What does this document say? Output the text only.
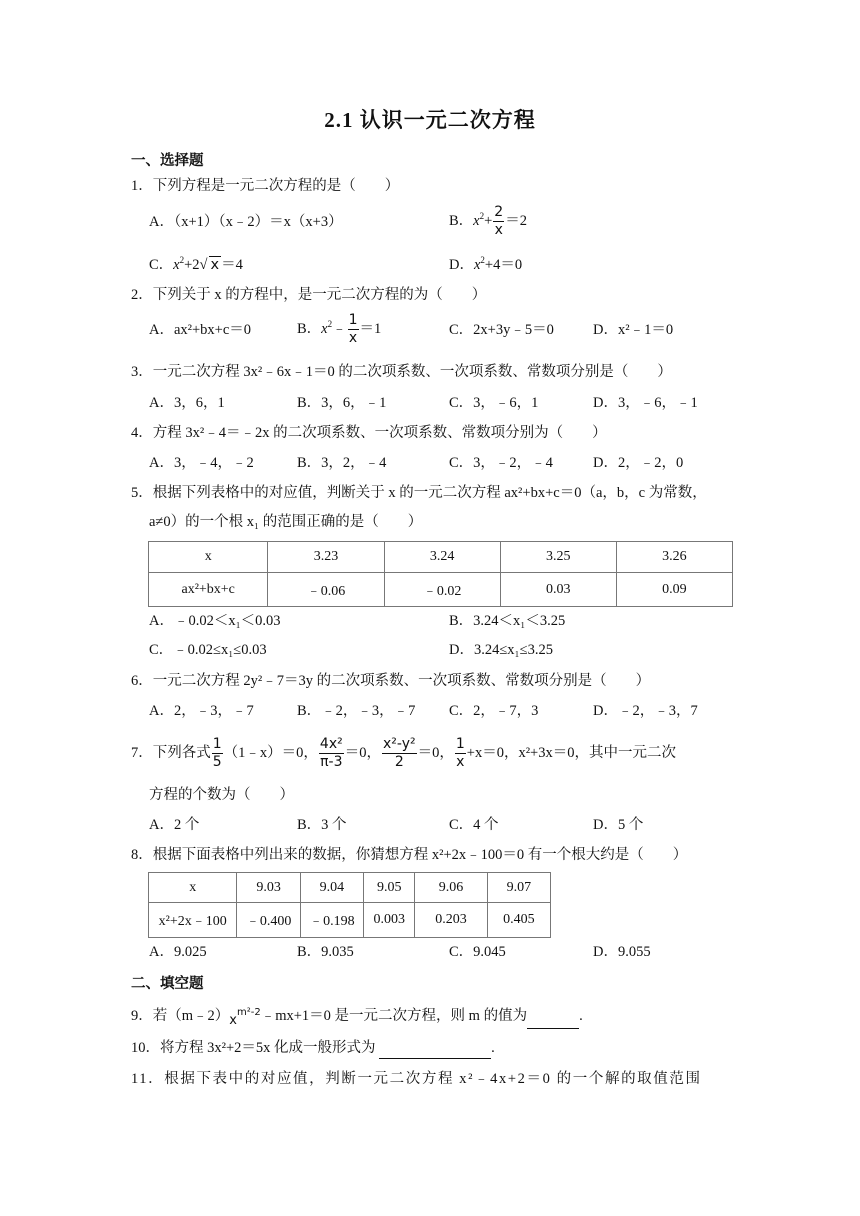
2.1 认识一元二次方程
一、选择题
1．下列方程是一元二次方程的是（　　）
A．（x+1）（x﹣2）＝x（x+3）	B．$x^2+ \frac{2}{x} =2$
C．$x^2+2√$ x ＝4	D．$x^2+4=0$
2．下列关于 x 的方程中，是一元二次方程的为（　　）
A．ax²+bx+c＝0	B．$x^2﹣ \frac{1}{x} =1$	C．2x+3y﹣5＝0	D．x²﹣1＝0
3．一元二次方程 3x²﹣6x﹣1＝0 的二次项系数、一次项系数、常数项分别是（　　）
A．3，6，1	B．3，6，﹣1	C．3，﹣6，1	D．3，﹣6，﹣1
4．方程 3x²﹣4＝﹣2x 的二次项系数、一次项系数、常数项分别为（　　）
A．3，﹣4，﹣2	B．3，2，﹣4	C．3，﹣2，﹣4	D．2，﹣2，0
5．根据下列表格中的对应值，判断关于 x 的一元二次方程 ax²+bx+c＝0（a，b，c 为常数，
a≠0）的一个根 x₁ 的范围正确的是（　　）
x	3.23	3.24	3.25	3.26
ax²+bx+c	﹣0.06	﹣0.02	0.03	0.09
A．﹣0.02＜x₁＜0.03	B．3.24＜x₁＜3.25
C．﹣0.02≤x₁≤0.03	D．3.24≤x₁≤3.25
6．一元二次方程 2y²﹣7＝3y 的二次项系数、一次项系数、常数项分别是（　　）
A．2，﹣3，﹣7	B．﹣2，﹣3，﹣7 C．2，﹣7，3	D．﹣2，﹣3，7
7．下列各式 $\frac{1}{5}$ （1﹣x）＝0， $\frac{\text{4x²}}{\pi-3} =0$， $\frac{\text{x²-y²}}{2} =0$， $\frac{1}{x} +x=0$，x²+3x＝0，其中一元二次
方程的个数为（　　）
A．2 个	B．3 个	C．4 个	D．5 个
8．根据下面表格中列出来的数据，你猜想方程 x²+2x﹣100＝0 有一个根大约是（　　）
x	9.03	9.04	9.05	9.06	9.07
x²+2x﹣100	﹣0.400	﹣0.198	0.003	0.203	0.405
A．9.025	B．9.035	C．9.045	D．9.055
二、填空题
9．若$(m﹣2)x^{m^2-2}﹣mx+1=0$ 是一元二次方程，则 m 的值为	.
10．将方程 3x²+2＝5x 化成一般形式为	.
11．根据下表中的对应值，判断一元二次方程 x²﹣4x+2＝0 的一个解的取值范围
